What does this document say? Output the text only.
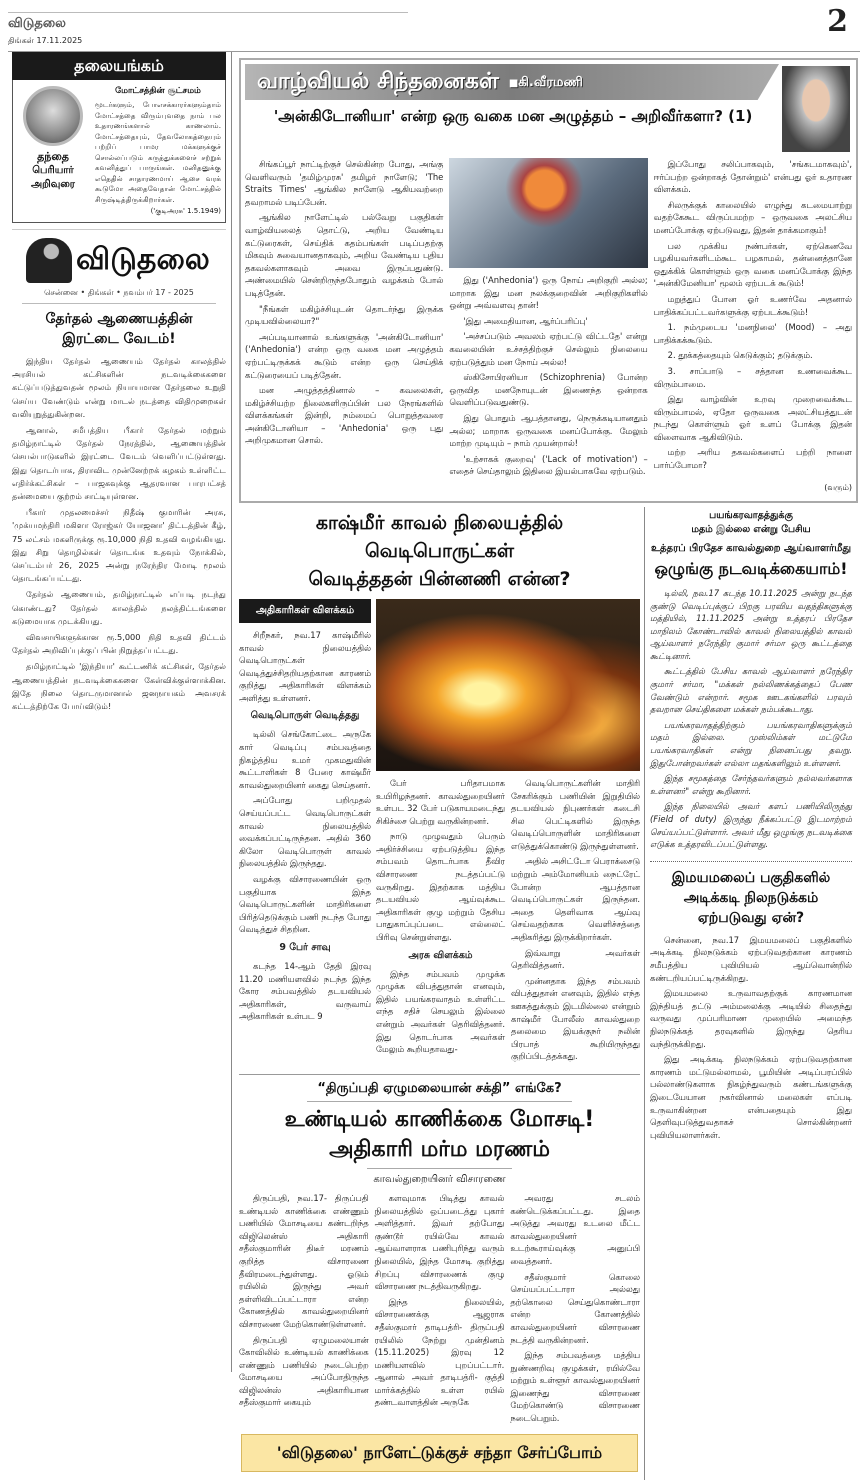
விடுதலை
திங்கள் 17.11.2025
2
தலையங்கம்
தந்தை
பெரியார்
அறிவுரை
மோட்சத்தின் சூட்சமம்
மூடர்களும், போஎசக்காரர்களும்தாம் மோட்சத்தை விரும்புவதை நாம் பல உதாரணங்களால் காணலாம். மோட்சத்தையும், தேவலோகத்தையும் பற்றிப் பாமர மக்களுக்குச் சொல்லப்படும் கருத்துக்களைச் சற்றுக் கவனித்துப் பாருங்கள். மனிதனுக்கு எதெதில் சாதாரணமாய் ஆசை வரக் கூடுமோ அதைவேதான் மோட்சத்தில் சிருஷ்டித்திருக்கிறார்கள்.
('குடிஅரசு' 1.5.1949)
விடுதலை
சென்னை • திங்கள் • நவம்பர் 17 - 2025
தேர்தல் ஆணையத்தின்
இரட்டை வேடம்!

இந்திய தேர்தல் ஆணையம் தேர்தல் காலத்தில் அரசியல் கட்சிகளின் நடவடிக்கைகளை கட்டுப்படுத்துவதன் மூலம் நியாயமான தேர்தலை உறுதி செய்ய வேண்டும் என்று மாடல் நடத்தை விதிமுறைகள் வலியுறுத்துகின்றன.

ஆனால், சமீபத்திய பீகார் தேர்தல் மற்றும் தமிழ்நாட்டில் தேர்தல் நேரத்தில், ஆணையத்தின் செயல்பாடுகளில் இரட்டை வேடம் வெளிப்பட்டுள்ளது. இது தொடர்பாக, திராவிட முன்னேற்றக் கழகம் உள்ளிட்ட எதிர்க்கட்சிகள் – பாஜகவுக்கு ஆதரவான பாரபட்சத் தன்மையை குற்றம் சாட்டியுள்ளன.

பீகார் முதலமைச்சர் நிதீஷ் குமாரின் அரசு, 'முக்யமந்திரி மகிளா ரோஜ்கர் யோஜனா' திட்டத்தின் கீழ், 75 லட்சம் மகளிருக்கு ரூ.10,000 நிதி உதவி வழங்கியது. இது சிறு தொழில்கள் தொடங்க உதவும் நோக்கில், செப்டம்பர் 26, 2025 அன்று நரேந்திர மோடி மூலம் தொடங்கப்பட்டது.

தேர்தல் ஆணையம், தமிழ்நாட்டில் எப்படி நடந்து கொண்டது? தேர்தல் காலத்தில் நலத்திட்டங்களை கடுமையாக முடக்கியது.

விவசாயிகளுக்கான ரூ.5,000 நிதி உதவி திட்டம் தேர்தல் அறிவிப்புக்குப் பின் நிறுத்தப்பட்டது.

தமிழ்நாட்டில் 'இந்தியா' கூட்டணிக் கட்சிகள், தேர்தல் ஆணையத்தின் நடவடிக்கைகளை கேள்விக்குள்ளாக்கின. இதே நிலை தொடருமானால் ஜனநாயகம் அவசரக் கட்டத்திற்கே போய்விடும்!

வாழ்வியல் சிந்தனைகள் ■கி.வீரமணி
'அன்கிடோனியா' என்ற ஒரு வகை மன அழுத்தம் – அறிவீர்களா? (1)

சிங்கப்பூர் நாட்டிற்குச் செல்கின்ற போது, அங்கு வெளிவரும் 'தமிழ்முரசு' தமிழர் நாளேடு; 'The Straits Times' ஆங்கில நாளேடு ஆகியவற்றை தவறாமல் படிப்பேன்.

ஆங்கில நாளேட்டில் பல்வேறு பகுதிகள் வாழ்வியலைத் தொட்டு, அறிய வேண்டிய கட்டுரைகள், செய்திக் கதம்பங்கள் படிப்பதற்கு மிகவும் சுவையானதாகவும், அறிய வேண்டிய புதிய தகவல்களாகவும் அவை இருப்பதுண்டு. அண்மையில் சென்றிருந்தபோதும் வழக்கம் போல் படித்தேன்.

"நீங்கள் மகிழ்ச்சியுடன் தொடர்ந்து இருக்க முடியவில்லையா?"

அப்படியானால் உங்களுக்கு 'அன்கிடோனியா' ('Anhedonia') என்ற ஒரு வகை மன அழுத்தம் ஏற்பட்டிருக்கக் கூடும் என்ற ஒரு செய்திக் கட்டுரையைப் படித்தேன்.

மன அழுத்தத்தினால் – கவலைகள், மகிழ்ச்சியற்ற நிலைகளிருப்பின் பல நேரங்களில் விளக்கங்கள் இன்றி, நம்மைப் பொறுத்தவரை அன்கிடோனியா – 'Anhedonia' ஒரு புது அறிமுகமான சொல்.

இது ('Anhedonia') ஒரு நோய் அறிகுறி அல்ல; மாறாக இது மன நலக்குறைவின் அறிகுறிகளில் ஒன்று அவ்வளவு தான்!

'இது அமைதியான, ஆர்ப்பரிப்பு'

'அச்சப்படும் அவலம் ஏற்பட்டு விட்டதே' என்று கவலையின் உச்சத்திற்குச் செல்லும் நிலையை ஏற்படுத்தும் மன நோய் அல்ல!

ஸ்கிசோபிரனியா (Schizophrenia) போன்ற ஒருவித மனநோயுடன் இணைந்த ஒன்றாக வெளிப்படுவதுண்டு.

இது பொதும் ஆபத்தானது, நெருக்கடியானதும் அல்ல; மாறாக ஒருவகை மனப்போக்கு. மேலும் மாற்ற முடியும் – நாம் முயன்றால்!

'உற்சாகக் குறைவு' ('Lack of motivation') – எதைச் செய்தாலும் இதிலை இயல்பாகவே ஏற்படும்.

இப்போது சலிப்பாகவும், 'சங்கடமாகவும்', ஈர்ப்பற்ற ஒன்றாகத் தோன்றும்' என்பது ஓர் உதாரண விளக்கம்.

சிலருக்குக் காலையில் எழுந்து கடமையாற்று வதற்கேகூட விருப்பமற்ற – ஒருவகை அலட்சிய மனப்போக்கு ஏற்படுவது, இதன் தாக்கமாகும்!

பல முக்கிய நண்பர்கள், ஏற்கெனவே பழகியவர்களிடம்கூட பழகாமல், தன்னைத்தானே ஒதுக்கிக் கொள்ளும் ஒரு வகை மனப்போக்கு இந்த 'அன்கிமேனியா' மூலம் ஏற்படக் கூடும்!

மறுத்துப் போன ஓர் உணர்வே அதனால் பாதிக்கப்பட்டவர்களுக்கு ஏற்படக்கூடும்!

1. நம்முடைய 'மனநிலை' (Mood) – அது பாதிக்கக்கூடும்.

2. தூக்கத்தையும் கெடுக்கும்; தடுக்கும்.

3. சாப்பாடு – சத்தான உணவைக்கூட விரும்பாமை.

இது வாழ்வின் உறவு முறைவைக்கூட விரும்பாமல், ஏதோ ஒருவகை அலட்சியத்துடன் நடந்து கொள்ளும் ஓர் உளப் போக்கு இதன் விளைவாக ஆகிவிடும்.

மற்ற அரிய தகவல்களைப் பற்றி நாளை பார்ப்போமா?

(வரும்)
காஷ்மீர் காவல் நிலையத்தில் வெடிபொருட்கள்
வெடித்ததன் பின்னணி என்ன?
அதிகாரிகள் விளக்கம்

சிறீநகர், நவ.17 காஷ்மீரில் காவல் நிலையத்தில் வெடிபொருட்கள் வெடித்துச்சிதறியதற்கான காரணம் குறித்து அதிகாரிகள் விளக்கம் அளித்து உள்ளனர்.

வெடிபொருள் வெடித்தது

டில்லி செங்கோட்டை அருகே கார் வெடிப்பு சம்பவத்தை நிகழ்த்திய உமர் முகமதுவின் கூட்டாளிகள் 8 பேரை காஷ்மீர் காவல்துறையினர் கைது செய்தனர்.

அப்போது பறிமுதல் செய்யப்பட்ட வெடிபொருட்கள் காவல் நிலையத்தில் வைக்கப்பட்டிருந்தன. அதில் 360 கிலோ வெடிபொருள் காவல் நிலையத்தில் இருந்தது.

வழக்கு விசாரணையின் ஒரு பகுதியாக இந்த வெடிபொருட்களின் மாதிரிகளை பிரித்தெடுக்கும் பணி நடந்த போது வெடித்துச் சிதறின.

9 பேர் சாவு

கடந்த 14-ஆம் தேதி இரவு 11.20 மணியளவில் நடந்த இந்த கோர சம்பவத்தில் தடயவியல் அதிகாரிகள், வருவாய் அதிகாரிகள் உள்பட 9

பேர் பரிதாபமாக உயிரிழந்தனர். காவல்துறையினர் உள்பட 32 பேர் படுகாயமடைந்து சிகிச்சை பெற்று வருகின்றனர்.

நாடு முழுவதும் பெரும் அதிர்ச்சியை ஏற்படுத்திய இந்த சம்பவம் தொடர்பாக தீவிர விசாரணை நடத்தப்பட்டு வருகிறது. இதற்காக மத்திய தடயவியல் ஆய்வுக்கூட அதிகாரிகள் குழு மற்றும் தேசிய பாதுகாப்புப்படை எல்லைட் பிரிவு சென்றுள்ளது.

அரசு விளக்கம்

இந்த சம்பவம் முழுக்க முழுக்க விபத்துதான் எனவும், இதில் பயங்கரவாதம் உள்ளிட்ட எந்த சதிச் செயலும் இல்லை என்றும் அவர்கள் தெரிவித்தனர். இது தொடர்பாக அவர்கள் மேலும் கூறியதாவது-

வெடிபொருட்களின் மாதிரி சேகரிக்கும் பணியின் இறுதியில் தடயவியல் நிபுணர்கள் கடைசி சில பெட்டிகளில் இருந்த வெடிப்பொருளின் மாதிரிகளை எடுத்துக்கொண்டு இருந்துள்ளனர்.

அதில் அசிட்டோ பெராக்சைடு மற்றும் அம்மோனியம் நைட்ரேட் போன்ற ஆபத்தான வெடிப்பொருட்கள் இருந்தன. அதை தெளிவாக ஆய்வு செய்வதற்காக வெளிச்சத்தை அதிகரித்து இருக்கிறார்கள்.

இவ்வாறு அவர்கள் தெரிவித்தனர்.

முன்னதாக இந்த சம்பவம் விபத்துதான் எனவும், இதில் எந்த ஊகத்துக்கும் இடமில்லை என்றும் காஷ்மீர் போலீஸ் காவல்துறை தலைமை இயக்குநர் நலின் பிரபாத் கூறியிருந்தது குறிப்பிடத்தக்கது.

“திருப்பதி ஏழுமலையான் சக்தி” எங்கே?
உண்டியல் காணிக்கை மோசடி!
அதிகாரி மர்ம மரணம்
காவல்துறையினர் விசாரணை

திருப்பதி, நவ.17- திருப்பதி உண்டியல் காணிக்கை எண்ணும் பணியில் மோசடியை கண்டறிந்த விஜிலென்ஸ் அதிகாரி சதீஸ்குமாரின் திடீர் மரணம் குறித்த விசாரணை தீவிரமடைந்துள்ளது. ஓடும் ரயிலில் இருந்து அவர் தள்ளிவிடப்பட்டாரா என்ற கோணத்தில் காவல்துறையினர் விசாரணை மேற்கொண்டுள்ளனர்.

திருப்பதி ஏழுமலையான் கோவிலில் உண்டியல் காணிக்கை எண்ணும் பணியில் நடைபெற்ற மோசடியை அப்போதிருந்த விஜிலன்ஸ் அதிகாரியான சதீஸ்குமார் கையும்

களவுமாக பிடித்து காவல் நிலையத்தில் ஒப்படைத்து புகார் அளித்தார். இவர் தற்போது குண்டூர் ரயில்வே காவல் ஆய்வாளராக பணிபுரிந்து வரும் நிலையில், இந்த மோசடி குறித்து சிறப்பு விசாரணைக் குழு விசாரணை நடத்திவருகிறது.

இந்த நிலையில், விசாரணைக்கு ஆஜராக சதீஸ்குமார் தாடிபத்ரி- திருப்பதி ரயிலில் நேற்று முன்தினம் (15.11.2025) இரவு 12 மணியளவில் புறப்பட்டார். ஆனால் அவர் தாடிபத்ரி- குத்தி மார்க்கத்தில் உள்ள ரயில் தண்டவாளத்தின் அருகே

அவரது சடலம் கண்டெடுக்கப்பட்டது. இதை அடுத்து அவரது உடலை மீட்ட காவல்துறையினர் உடற்கூராய்வுக்கு அனுப்பி வைத்தனர்.

சதீஸ்குமார் கொலை செய்யப்பட்டாரா அல்லது தற்கொலை செய்துகொண்டாரா என்ற கோணத்தில் காவல்துறையினர் விசாரணை நடத்தி வருகின்றனர்.

இந்த சம்பவத்தை மத்திய நுண்ணறிவு குழுக்கள், ரயில்வே மற்றும் உள்ளூர் காவல்துறையினர் இணைந்து விசாரணை மேற்கொண்டு விசாரணை நடைபெறும்.

'விடுதலை' நாளேட்டுக்குச் சந்தா சேர்ப்போம்
பயங்கரவாதத்துக்கு
மதம் இல்லை என்று பேசிய
உத்தரப் பிரதேச காவல்துறை ஆய்வாளர்மீது
ஒழுங்கு நடவடிக்கையாம்!

டில்லி, நவ.17 கடந்த 10.11.2025 அன்று நடந்த குண்டு வெடிப்புக்குப் பிறகு பரவிய வதந்திகளுக்கு மத்தியில், 11.11.2025 அன்று உத்தரப் பிரதேச மாநிலம் கோண்டாவில் காவல் நிலையத்தில் காவல் ஆய்வாளர் நரேந்திர குமார் சர்மா ஒரு கூட்டத்தை கூட்டினார்.

கூட்டத்தில் பேசிய காவல் ஆய்வாளர் நரேந்திர குமார் சர்மா, "மக்கள் நல்லிணக்கத்தைப் பேண வேண்டும் என்றார். சமூக ஊடகங்களில் பரவும் தவறான செய்திகளை மக்கள் நம்பக்கூடாது.

பயங்கரவாதத்திற்கும் பயங்கரவாதிகளுக்கும் மதம் இல்லை. முஸ்லிம்கள் மட்டுமே பயங்கரவாதிகள் என்று நினைப்பது தவறு. இதுபோன்றவர்கள் எல்லா மதங்களிலும் உள்ளனர்.

இந்த சமூகத்தை சேர்ந்தவர்களும் நல்லவர்களாக உள்ளனர்" என்று கூறினார்.

இந்த நிலையில் அவர் களப் பணியிலிருந்து (Field of duty) இருந்து நீக்கப்பட்டு இடமாற்றம் செய்யப்பட்டுள்ளார். அவர் மீது ஒழுங்கு நடவடிக்கை எடுக்க உத்தரவிடப்பட்டுள்ளது.

இமயமலைப் பகுதிகளில்
அடிக்கடி நிலநடுக்கம்
ஏற்படுவது ஏன்?

சென்னை, நவ.17 இமயமலைப் பகுதிகளில் அடிக்கடி நிலநடுக்கம் ஏற்படுவதற்கான காரணம் சமீபத்திய புவியியல் ஆய்வொன்றில் கண்டறியப்பட்டிருக்கிறது.

இமயமலை உருவாவதற்குக் காரணமான இந்தியத் தட்டு அம்மலைக்கு அடியில் சிதைந்து வருவது முப்பரிமாண முறையில் அமைந்த நிலநடுக்கத் தரவுகளில் இருந்து தெரிய வந்திருக்கிறது.

இது அடிக்கடி நிலநடுக்கம் ஏற்படுவதற்கான காரணம் மட்டுமல்லாமல், பூமியின் அடிப்பரப்பில் பல்லாண்டுகளாக நிகழ்ந்துவரும் கண்டங்களுக்கு இடையேயான நகர்வினால் மலைகள் எப்படி உருவாகின்றன என்பதையும் இது தெளிவுபடுத்துவதாகச் சொல்கின்றனர் புவியியலாளர்கள்.
